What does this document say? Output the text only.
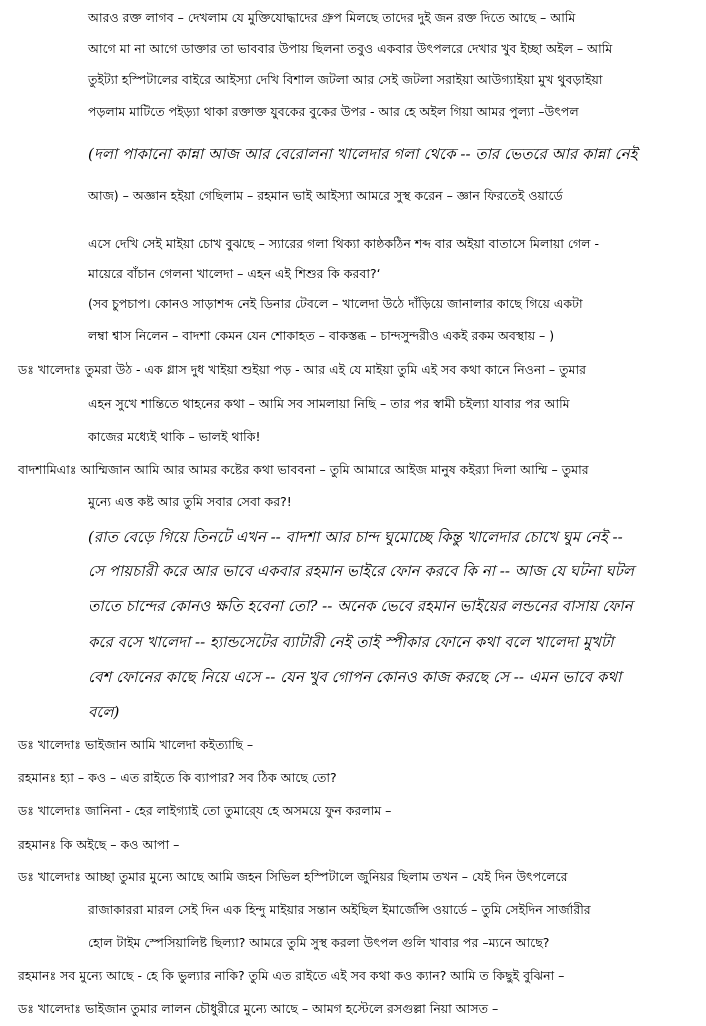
আরও রক্ত লাগব – দেখলাম যে মুক্তিযোদ্ধাদের গ্রুপ মিলছে তাদের দুই জন রক্ত দিতে আছে – আমি
আগে মা না আগে ডাক্তার তা ভাববার উপায় ছিলনা তবুও একবার উৎপলরে দেখার খুব ইচ্ছা অইল – আমি
তুইট্যা হস্পিটালের বাইরে আইস্যা দেখি বিশাল জটলা আর সেই জটলা সরাইয়া আউগ্যাইয়া মুখ থুবড়াইয়া
পড়লাম মাটিতে পইড়্যা থাকা রক্তাক্ত যুবকের বুকের উপর - আর হে অইল গিয়া আমর পুল্যা –উৎপল
(দলা পাকানো কান্না আজ আর বেরোলনা খালেদার গলা থেকে -- তার ভেতরে আর কান্না নেই
আজ) – অজ্ঞান হইয়া গেছিলাম – রহমান ভাই আইস্যা আমরে সুস্থ করেন – জ্ঞান ফিরতেই ওয়ার্ডে
এসে দেখি সেই মাইয়া চোখ বুঝছে – স্যারের গলা থিক্যা কাষ্ঠকঠিন শব্দ বার অইয়া বাতাসে মিলায়া গেল -
মায়েরে বাঁচান গেলনা খালেদা – এহন এই শিশুর কি করবা?‘
(সব চুপচাপ। কোনও সাড়াশব্দ নেই ডিনার টেবলে – খালেদা উঠে দাঁড়িয়ে জানালার কাছে গিয়ে একটা
লম্বা শ্বাস নিলেন – বাদশা কেমন যেন শোকাহত – বাকস্তব্ধ – চান্দসুন্দরীও একই রকম অবস্থায় – )
ডঃ খালেদাঃ তুমরা উঠ - এক গ্লাস দুধ খাইয়া শুইয়া পড় - আর এই যে মাইয়া তুমি এই সব কথা কানে নিওনা – তুমার
এহন সুখে শান্তিতে থাহনের কথা – আমি সব সামলায়া নিছি – তার পর স্বামী চইল্যা যাবার পর আমি
কাজের মধ্যেই থাকি – ভালই থাকি!
বাদশামিএাঃ আম্মিজান আমি আর আমর কষ্টের কথা ভাববনা – তুমি আমারে আইজ মানুষ কইর‍্যা দিলা আম্মি – তুমার
মুন্যে এত্ত কষ্ট আর তুমি সবার সেবা কর?!
(রাত বেড়ে গিয়ে তিনটে এখন -- বাদশা আর চান্দ ঘুমোচ্ছে কিন্তু খালেদার চোখে ঘুম নেই --
সে পায়চারী করে আর ভাবে একবার রহমান ভাইরে ফোন করবে কি না -- আজ যে ঘটনা ঘটল
তাতে চান্দের কোনও ক্ষতি হবেনা তো? -- অনেক ভেবে রহমান ভাইয়ের লন্ডনের বাসায় ফোন
করে বসে খালেদা -- হ্যান্ডসেটের ব্যাটারী নেই তাই স্পীকার ফোনে কথা বলে খালেদা মুখটা
বেশ ফোনের কাছে নিয়ে এসে -- যেন খুব গোপন কোনও কাজ করছে সে -- এমন ভাবে কথা
বলে)
ডঃ খালেদাঃ ভাইজান আমি খালেদা কইত্যাছি –
রহমানঃ হ্যা – কও – এত রাইতে কি ব্যাপার? সব ঠিক আছে তো?
ডঃ খালেদাঃ জানিনা - হের লাইগ্যাই তো তুমারে্য হে অসময়ে ফুন করলাম –
রহমানঃ কি অইছে – কও আপা –
ডঃ খালেদাঃ আচ্ছা তুমার মুন্যে আছে আমি জহন সিভিল হস্পিটালে জুনিয়র ছিলাম তখন – যেই দিন উৎপলেরে
রাজাকাররা মারল সেই দিন এক হিন্দু মাইয়ার সন্তান অইছিল ইমার্জেন্সি ওয়ার্ডে – তুমি সেইদিন সার্জারীর
হোল টাইম স্পেসিয়ালিষ্ট ছিল্যা? আমরে তুমি সুস্থ করলা উৎপল গুলি খাবার পর –ম্যনে আছে?
রহমানঃ সব মুন্যে আছে - হে কি ভুল্যার নাকি? তুমি এত রাইতে এই সব কথা কও ক্যান? আমি ত কিছুই বুঝিনা –
ডঃ খালেদাঃ ভাইজান তুমার লালন চৌধুরীরে মুন্যে আছে – আমগ হস্টেলে রসগুল্লা নিয়া আসত –
